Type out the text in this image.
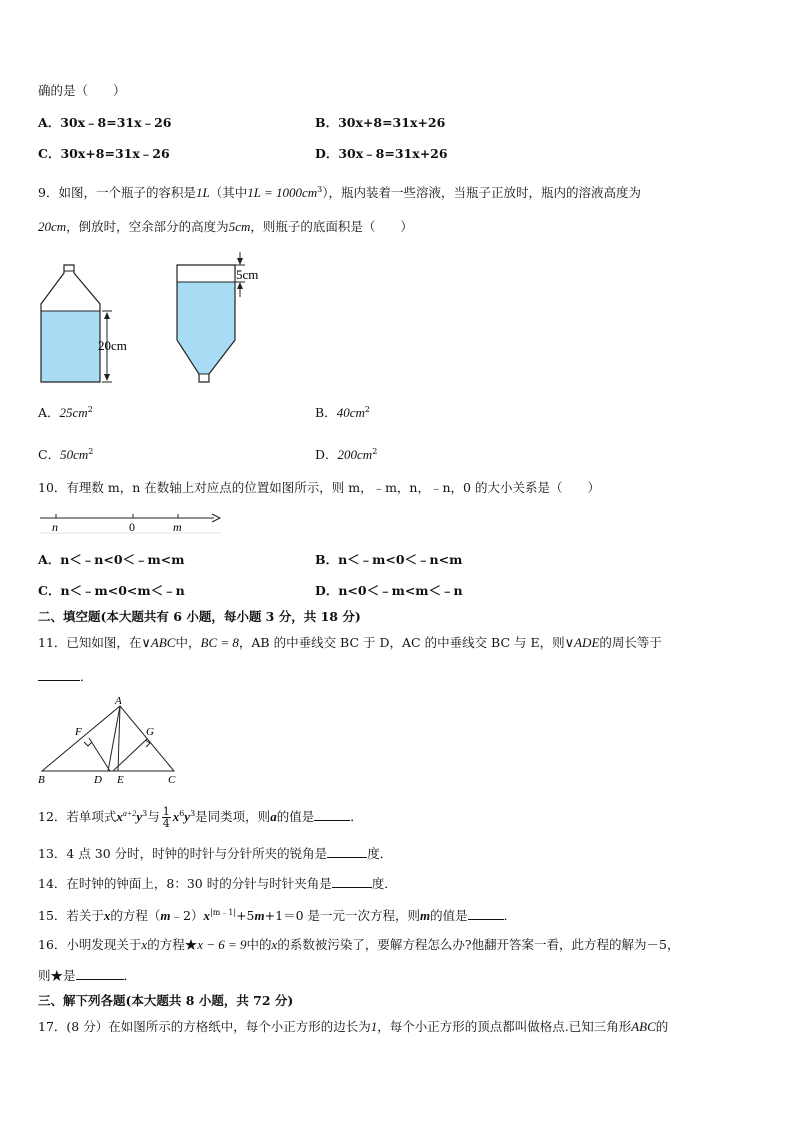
确的是（　　）
A．30x﹣8=31x﹣26	B．30x+8=31x+26
C．30x+8=31x﹣26	D．30x﹣8=31x+26
9．如图，一个瓶子的容积是1L（其中$1L = 1000cm^3$），瓶内装着一些溶液，当瓶子正放时，瓶内的溶液高度为
20cm，倒放时，空余部分的高度为5cm，则瓶子的底面积是（　　）
20cm
5cm
A．$25cm^2$	B．$40cm^2$
C．$50cm^2$	D．$200cm^2$
10．有理数 m，n 在数轴上对应点的位置如图所示，则 m，﹣m，n，﹣n，0 的大小关系是（　　）
n	0	m
A．n＜﹣n<0＜﹣m<m	B．n＜﹣m<0＜﹣n<m
C．n＜﹣m<0<m＜﹣n	D．n<0＜﹣m<m＜﹣n
二、填空题(本大题共有 6 小题，每小题 3 分，共 18 分)
11．已知如图，在∨ABC中，BC = 8，AB 的中垂线交 BC 于 D，AC 的中垂线交 BC 与 E，则∨ADE的周长等于
．
A
B	C
D E
F	G
12．若单项式$x^{a+2}y^3$与 $\frac{1}{4} x^6y^3$是同类项，则a的值是	．
13．4 点 30 分时，时钟的时针与分针所夹的锐角是	度．
14．在时钟的钟面上，8：30 时的分针与时针夹角是	度．
15．若关于x的方程$(m﹣2)x^{|m﹣1|}+5m+1=0$ 是一元一次方程，则m的值是	．
16．小明发现关于x的方程★x − 6 = 9中的x的系数被污染了，要解方程怎么办?他翻开答案一看，此方程的解为－5，
则★是	．
三、解下列各题(本大题共 8 小题，共 72 分)
17．(8 分）在如图所示的方格纸中，每个小正方形的边长为1，每个小正方形的顶点都叫做格点.已知三角形ABC的
